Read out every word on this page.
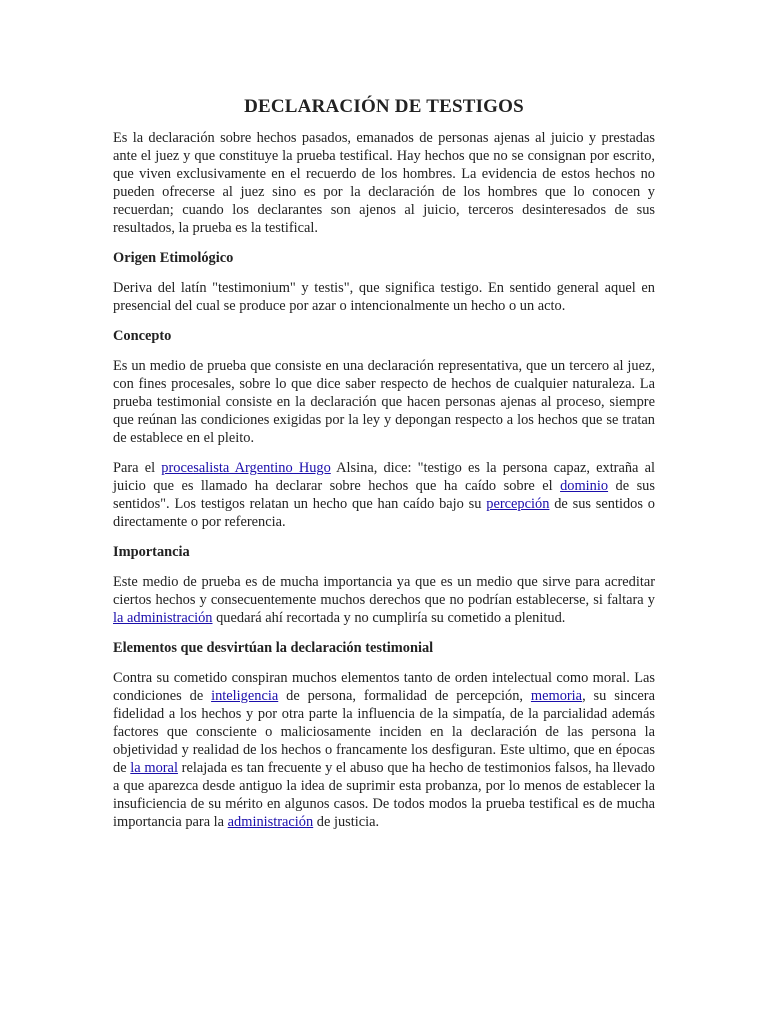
DECLARACIÓN DE TESTIGOS

Es la declaración sobre hechos pasados, emanados de personas ajenas al juicio y prestadas ante el juez y que constituye la prueba testifical. Hay hechos que no se consignan por escrito, que viven exclusivamente en el recuerdo de los hombres. La evidencia de estos hechos no pueden ofrecerse al juez sino es por la declaración de los hombres que lo conocen y recuerdan; cuando los declarantes son ajenos al juicio, terceros desinteresados de sus resultados, la prueba es la testifical.

Origen Etimológico

Deriva del latín "testimonium" y testis", que significa testigo. En sentido general aquel en presencial del cual se produce por azar o intencionalmente un hecho o un acto.

Concepto

Es un medio de prueba que consiste en una declaración representativa, que un tercero al juez, con fines procesales, sobre lo que dice saber respecto de hechos de cualquier naturaleza. La prueba testimonial consiste en la declaración que hacen personas ajenas al proceso, siempre que reúnan las condiciones exigidas por la ley y depongan respecto a los hechos que se tratan de establece en el pleito.

Para el procesalista Argentino Hugo Alsina, dice: "testigo es la persona capaz, extraña al juicio que es llamado ha declarar sobre hechos que ha caído sobre el dominio de sus sentidos". Los testigos relatan un hecho que han caído bajo su percepción de sus sentidos o directamente o por referencia.

Importancia

Este medio de prueba es de mucha importancia ya que es un medio que sirve para acreditar ciertos hechos y consecuentemente muchos derechos que no podrían establecerse, si faltara y la administración quedará ahí recortada y no cumpliría su cometido a plenitud.

Elementos que desvirtúan la declaración testimonial

Contra su cometido conspiran muchos elementos tanto de orden intelectual como moral. Las condiciones de inteligencia de persona, formalidad de percepción, memoria, su sincera fidelidad a los hechos y por otra parte la influencia de la simpatía, de la parcialidad además factores que consciente o maliciosamente inciden en la declaración de las persona la objetividad y realidad de los hechos o francamente los desfiguran. Este ultimo, que en épocas de la moral relajada es tan frecuente y el abuso que ha hecho de testimonios falsos, ha llevado a que aparezca desde antiguo la idea de suprimir esta probanza, por lo menos de establecer la insuficiencia de su mérito en algunos casos. De todos modos la prueba testifical es de mucha importancia para la administración de justicia.
